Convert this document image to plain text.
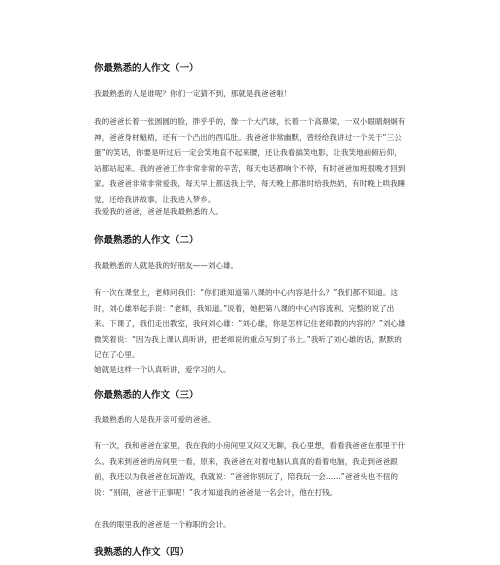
你最熟悉的人作文（一）

我最熟悉的人是谁呢？你们一定猜不到，那就是我爸爸啦！

我的爸爸长着一张圆圆的脸，胖乎乎的，像一个大汽球，长着一个高鼻梁，一双小眼睛炯炯有神，爸爸身材魁梧，还有一个凸出的西瓜肚。我爸爸非常幽默，曾经给我讲过一个关于“三公蛋”的笑话，你要是听过后一定会笑地直不起来腰，还让我看搞笑电影，让我笑地前俯后仰，站都站起来。我的爸爸工作非常非常的辛苦，每天电话都响个不停，有时爸爸加班很晚才回到家。我爸爸非常非常爱我，每天早上都送我上学，每天晚上都准时给我热奶，有时晚上哄我睡觉，还给我讲故事，让我进入梦乡。

我爱我的爸爸，爸爸是我最熟悉的人。

你最熟悉的人作文（二）

我最熟悉的人就是我的好朋友——刘心雄。

有一次在课堂上，老师问我们：“你们谁知道第八课的中心内容是什么？”我们都不知道。这时，刘心雄举起手说：“老师，我知道。”说着，她把第八课的中心内容流利、完整的说了出来。下课了，我们走出教室，我问刘心雄：“刘心雄，你是怎样记住老师教的内容的？”刘心雄微笑着说：“因为我上课认真听讲，把老师说的重点写到了书上。”我听了刘心雄的话，默默的记在了心里。

她就是这样一个认真听讲，爱学习的人。

你最熟悉的人作文（三）

我最熟悉的人是我开亲可爱的爸爸。

有一次，我和爸爸在家里，我在我的小房间里又闷又无聊，我心里想，看看我爸爸在那里干什么。我来到爸爸的房间里一看，原来，我爸爸在对着电脑认真真的看着电脑，我走到爸爸跟前，我还以为我爸爸在玩游戏，我就说：“爸爸你别玩了，陪我玩一会……”爸爸头也不扭的说：“别闹，爸爸干正事呢！”我才知道我的爸爸是一名会计，他在打钱。

在我的眼里我的爸爸是一个称职的会计。

我熟悉的人作文（四）
